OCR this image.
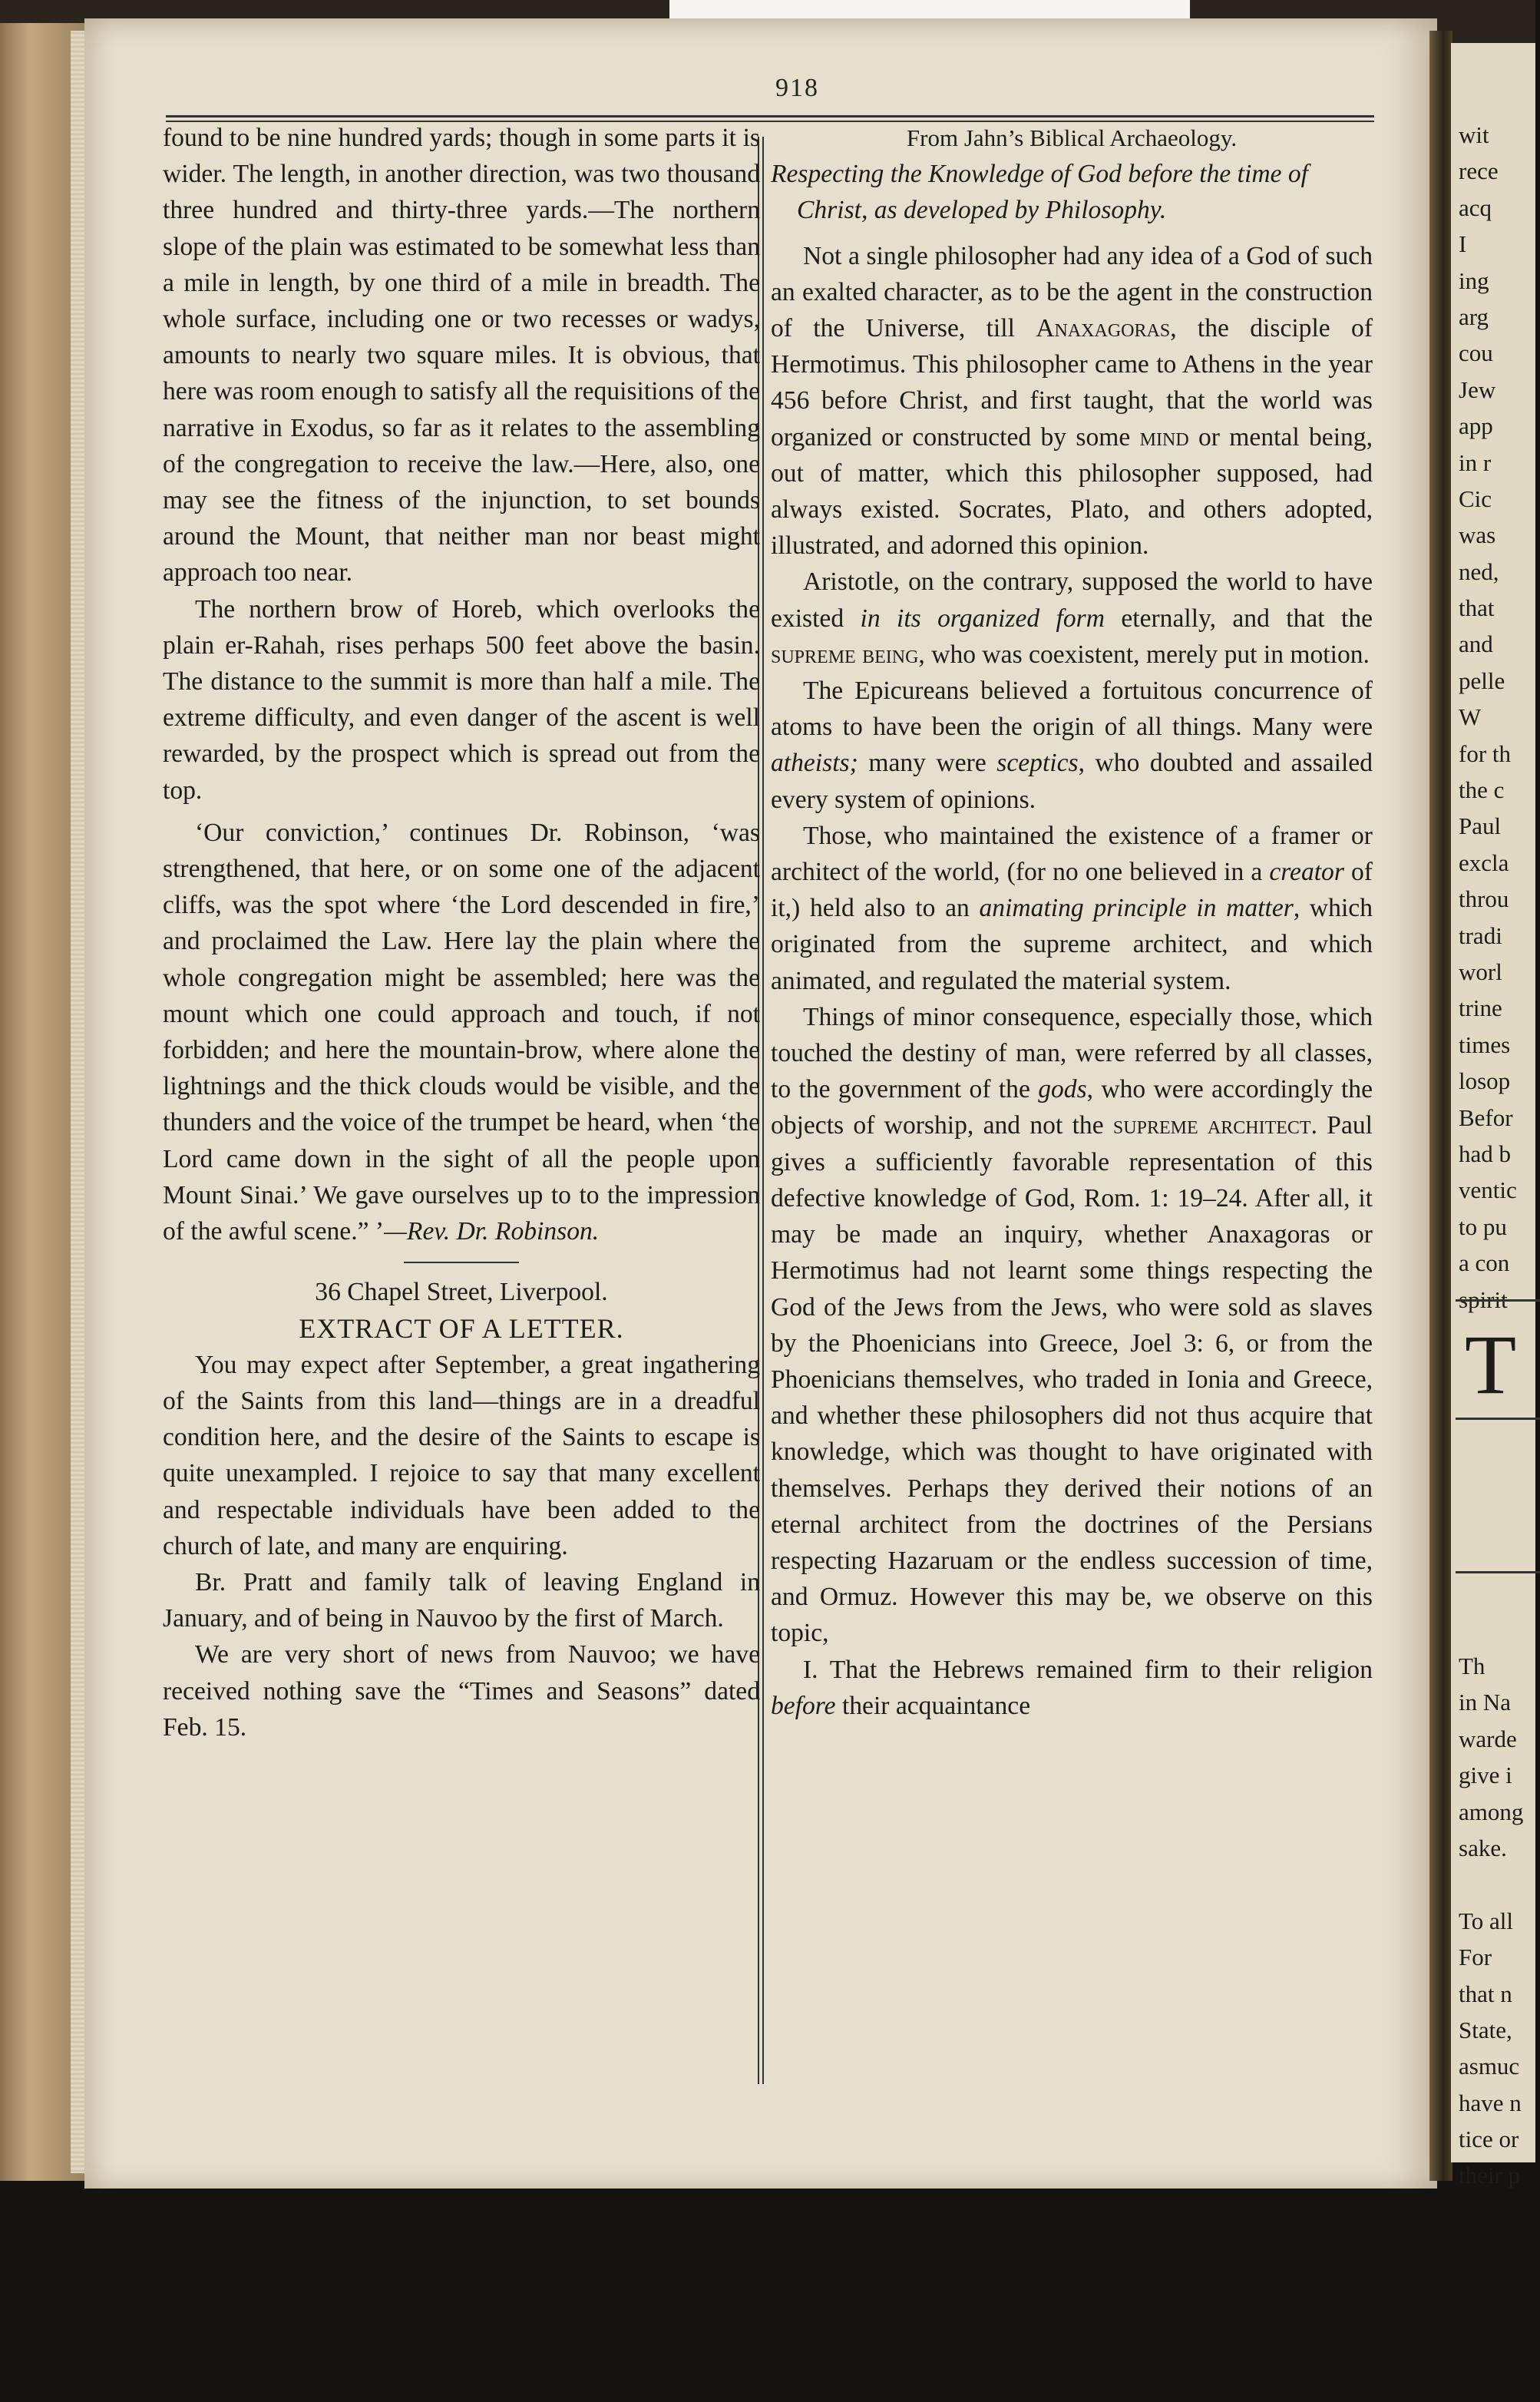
wit
rece
acq
I
ing
arg
cou
Jew
app
in r
Cic
was
ned,
that
and
pelle
W
for th
the c
Paul
excla
throu
tradi
worl
trine
times
losop
Befor
had b
ventic
to pu
a con
spirit
T
Th
in Na
warde
give i
among
sake.
To all
For
that n
State,
asmuc
have n
tice or
their p
918

found to be nine hundred yards; though in some parts it is wider. The length, in another direction, was two thousand three hundred and thirty-three yards.—The northern slope of the plain was estimated to be somewhat less than a mile in length, by one third of a mile in breadth. The whole surface, including one or two recesses or wadys, amounts to nearly two square miles. It is obvious, that here was room enough to satisfy all the requisitions of the narrative in Exodus, so far as it relates to the assembling of the congregation to receive the law.—Here, also, one may see the fitness of the injunction, to set bounds around the Mount, that neither man nor beast might approach too near.

The northern brow of Horeb, which overlooks the plain er-Rahah, rises perhaps 500 feet above the basin. The distance to the summit is more than half a mile. The extreme difficulty, and even danger of the ascent is well rewarded, by the prospect which is spread out from the top.

‘Our conviction,’ continues Dr. Robinson, ‘was strengthened, that here, or on some one of the adjacent cliffs, was the spot where ‘the Lord descended in fire,’ and proclaimed the Law. Here lay the plain where the whole congregation might be assembled; here was the mount which one could approach and touch, if not forbidden; and here the mountain-brow, where alone the lightnings and the thick clouds would be visible, and the thunders and the voice of the trumpet be heard, when ‘the Lord came down in the sight of all the people upon Mount Sinai.’ We gave ourselves up to to the impression of the awful scene.” ’—Rev. Dr. Robinson.

36 Chapel Street, Liverpool.

EXTRACT OF A LETTER.

You may expect after September, a great ingathering of the Saints from this land—things are in a dreadful condition here, and the desire of the Saints to escape is quite unexampled. I rejoice to say that many excellent and respectable individuals have been added to the church of late, and many are enquiring.

Br. Pratt and family talk of leaving England in January, and of being in Nauvoo by the first of March.

We are very short of news from Nauvoo; we have received nothing save the “Times and Seasons” dated Feb. 15.

From Jahn’s Biblical Archaeology.

Respecting the Knowledge of God before the time of Christ, as developed by Philosophy.

Not a single philosopher had any idea of a God of such an exalted character, as to be the agent in the construction of the Universe, till Anaxagoras, the disciple of Hermotimus. This philosopher came to Athens in the year 456 before Christ, and first taught, that the world was organized or constructed by some mind or mental being, out of matter, which this philosopher supposed, had always existed. Socrates, Plato, and others adopted, illustrated, and adorned this opinion.

Aristotle, on the contrary, supposed the world to have existed in its organized form eternally, and that the supreme being, who was coexistent, merely put in motion.

The Epicureans believed a fortuitous concurrence of atoms to have been the origin of all things. Many were atheists; many were sceptics, who doubted and assailed every system of opinions.

Those, who maintained the existence of a framer or architect of the world, (for no one believed in a creator of it,) held also to an animating principle in matter, which originated from the supreme architect, and which animated, and regulated the material system.

Things of minor consequence, especially those, which touched the destiny of man, were referred by all classes, to the government of the gods, who were accordingly the objects of worship, and not the supreme architect. Paul gives a sufficiently favorable representation of this defective knowledge of God, Rom. 1: 19–24. After all, it may be made an inquiry, whether Anaxagoras or Hermotimus had not learnt some things respecting the God of the Jews from the Jews, who were sold as slaves by the Phoenicians into Greece, Joel 3: 6, or from the Phoenicians themselves, who traded in Ionia and Greece, and whether these philosophers did not thus acquire that knowledge, which was thought to have originated with themselves. Perhaps they derived their notions of an eternal architect from the doctrines of the Persians respecting Hazaruam or the endless succession of time, and Ormuz. However this may be, we observe on this topic,

I. That the Hebrews remained firm to their religion before their acquaintance
